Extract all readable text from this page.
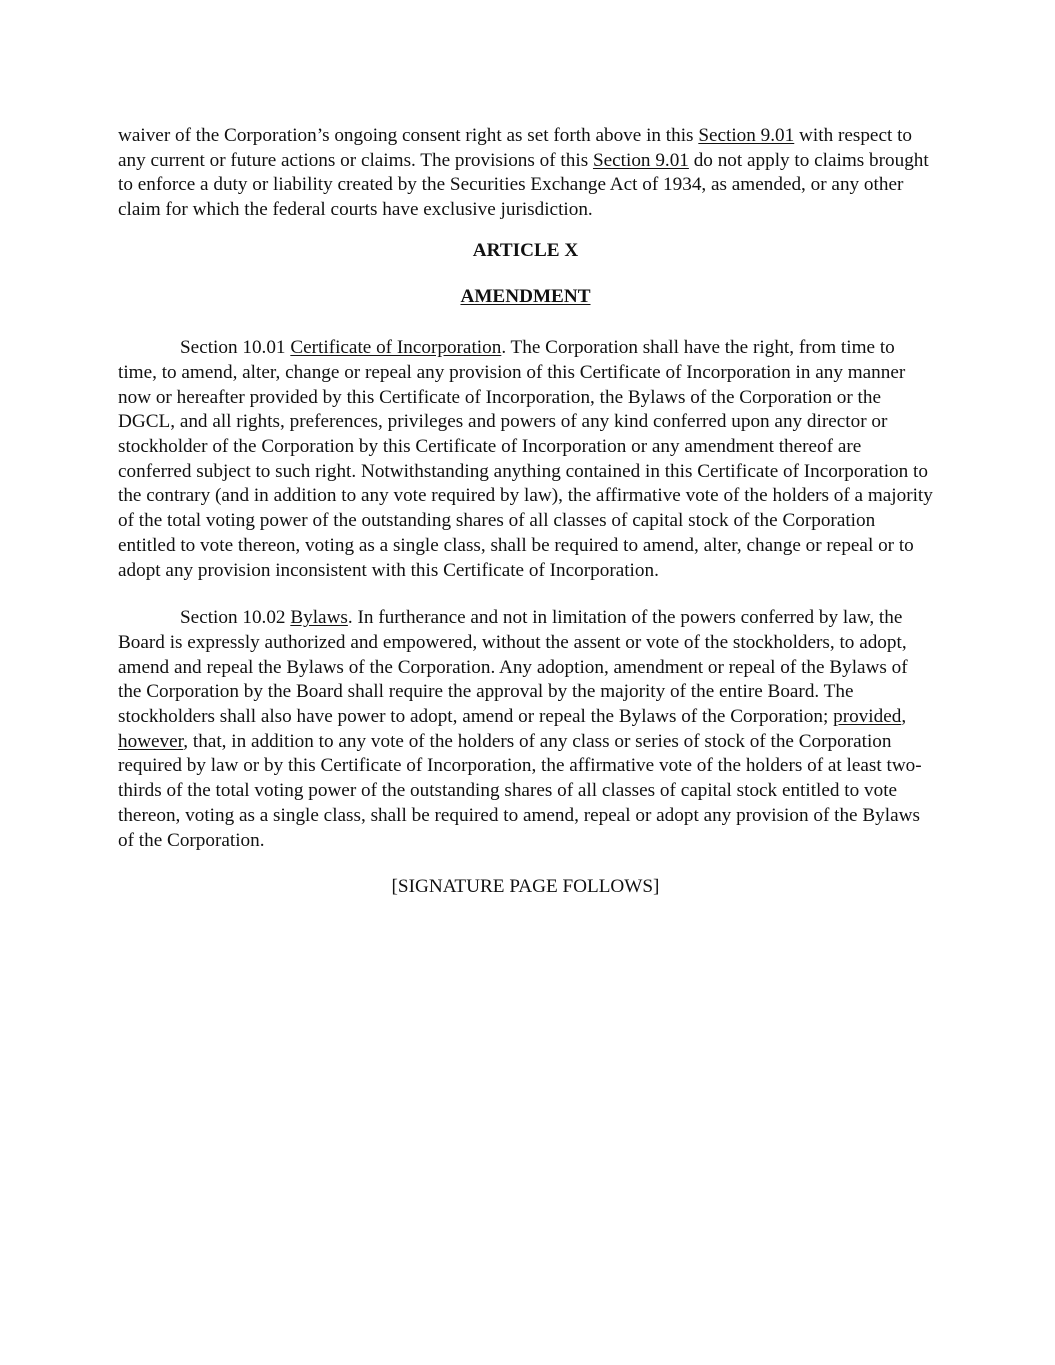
waiver of the Corporation’s ongoing consent right as set forth above in this Section 9.01 with respect to any current or future actions or claims. The provisions of this Section 9.01 do not apply to claims brought to enforce a duty or liability created by the Securities Exchange Act of 1934, as amended, or any other claim for which the federal courts have exclusive jurisdiction.

ARTICLE X

AMENDMENT

Section 10.01 Certificate of Incorporation. The Corporation shall have the right, from time to time, to amend, alter, change or repeal any provision of this Certificate of Incorporation in any manner now or hereafter provided by this Certificate of Incorporation, the Bylaws of the Corporation or the DGCL, and all rights, preferences, privileges and powers of any kind conferred upon any director or stockholder of the Corporation by this Certificate of Incorporation or any amendment thereof are conferred subject to such right. Notwithstanding anything contained in this Certificate of Incorporation to the contrary (and in addition to any vote required by law), the affirmative vote of the holders of a majority of the total voting power of the outstanding shares of all classes of capital stock of the Corporation entitled to vote thereon, voting as a single class, shall be required to amend, alter, change or repeal or to adopt any provision inconsistent with this Certificate of Incorporation.

Section 10.02 Bylaws. In furtherance and not in limitation of the powers conferred by law, the Board is expressly authorized and empowered, without the assent or vote of the stockholders, to adopt, amend and repeal the Bylaws of the Corporation. Any adoption, amendment or repeal of the Bylaws of the Corporation by the Board shall require the approval by the majority of the entire Board. The stockholders shall also have power to adopt, amend or repeal the Bylaws of the Corporation; provided, however, that, in addition to any vote of the holders of any class or series of stock of the Corporation required by law or by this Certificate of Incorporation, the affirmative vote of the holders of at least two-thirds of the total voting power of the outstanding shares of all classes of capital stock entitled to vote thereon, voting as a single class, shall be required to amend, repeal or adopt any provision of the Bylaws of the Corporation.

[SIGNATURE PAGE FOLLOWS]
